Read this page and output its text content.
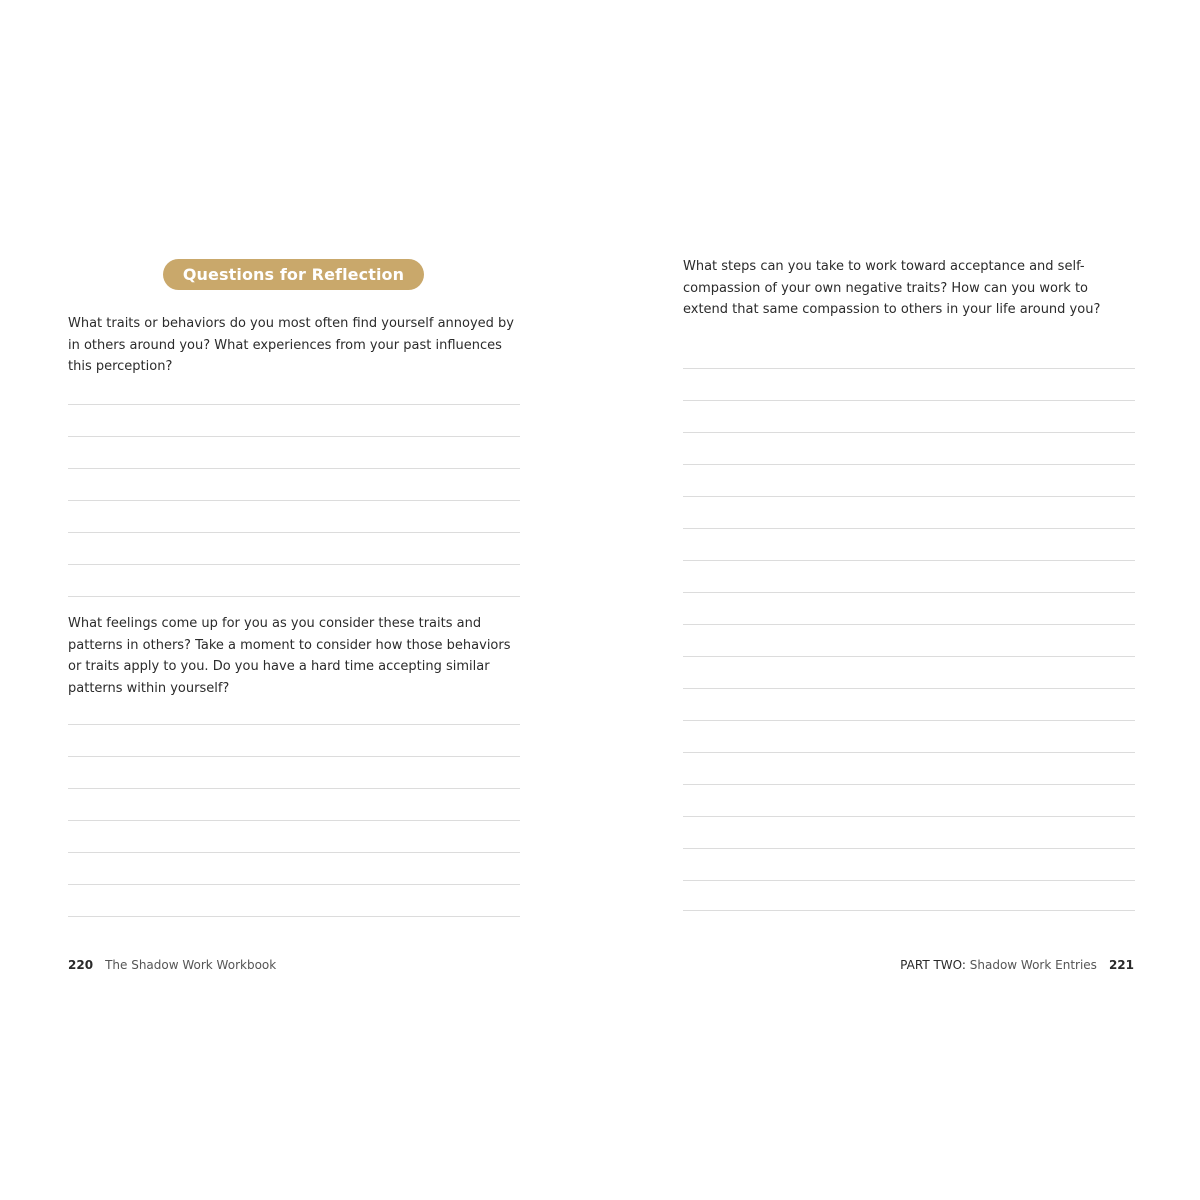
Questions for Reflection

What traits or behaviors do you most often find yourself annoyed by in others around you? What experiences from your past influences this perception?

What feelings come up for you as you consider these traits and patterns in others? Take a moment to consider how those behaviors or traits apply to you. Do you have a hard time accepting similar patterns within yourself?

220 The Shadow Work Workbook

What steps can you take to work toward acceptance and self-compassion of your own negative traits? How can you work to extend that same compassion to others in your life around you?

PART TWO: Shadow Work Entries 221
